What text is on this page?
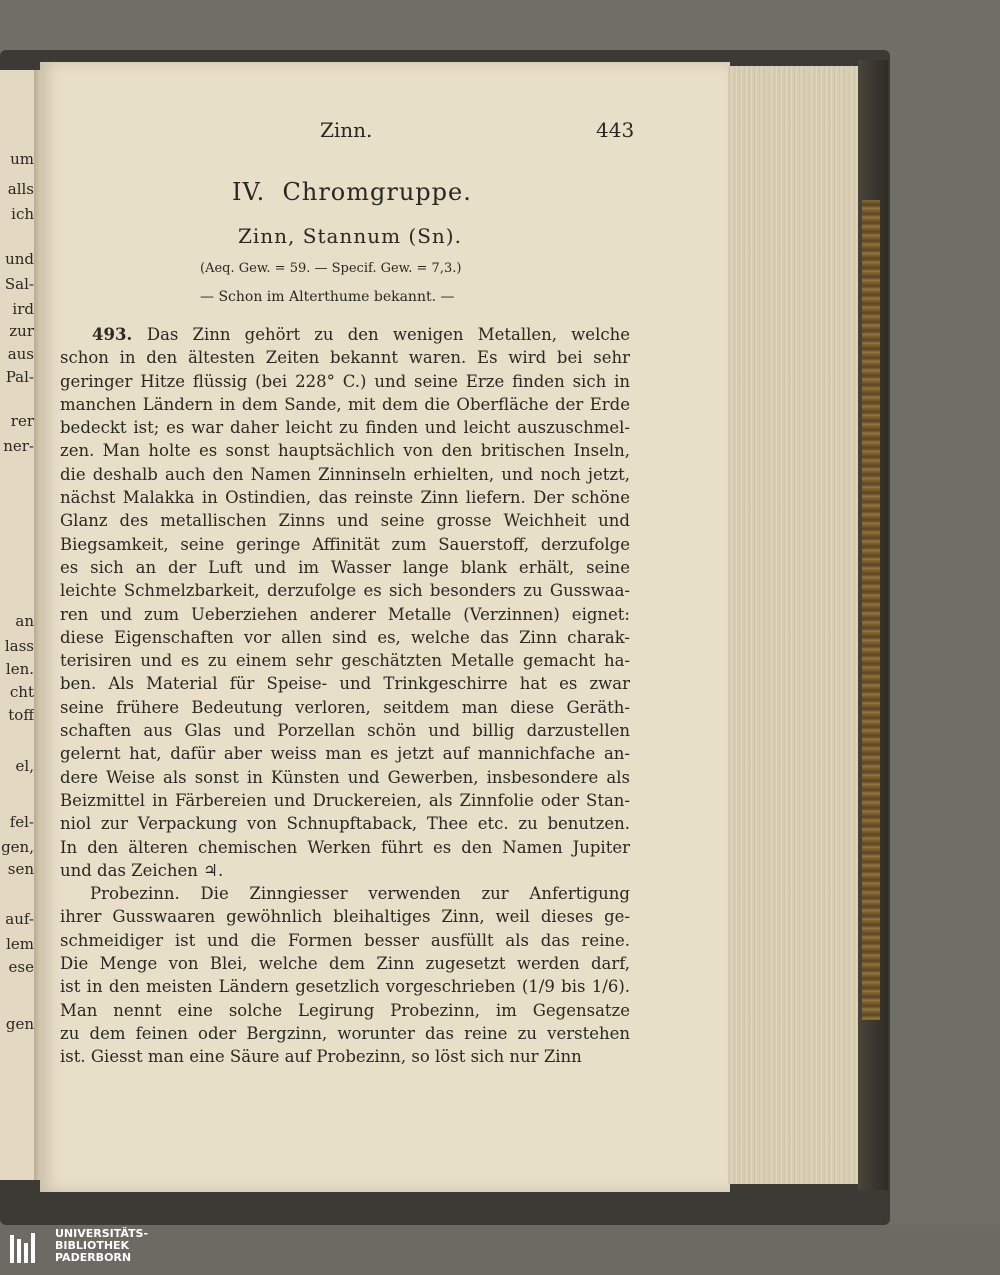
um
alls
ich
und
Sal-
ird
zur
aus
Pal-
rer
ner-
an
lass
len.
cht
toff
el,
fel-
gen,
sen
auf-
lem
ese
gen
Zinn.	443
IV.  Chromgruppe.
Zinn, Stannum (Sn).
(Aeq. Gew. = 59. — Specif. Gew. = 7,3.)
— Schon im Alterthume bekannt. —
493. Das Zinn gehört zu den wenigen Metallen, welche
schon in den ältesten Zeiten bekannt waren. Es wird bei sehr
geringer Hitze flüssig (bei 228° C.) und seine Erze finden sich in
manchen Ländern in dem Sande, mit dem die Oberfläche der Erde
bedeckt ist; es war daher leicht zu finden und leicht auszuschmel-
zen. Man holte es sonst hauptsächlich von den britischen Inseln,
die deshalb auch den Namen Zinninseln erhielten, und noch jetzt,
nächst Malakka in Ostindien, das reinste Zinn liefern. Der schöne
Glanz des metallischen Zinns und seine grosse Weichheit und
Biegsamkeit, seine geringe Affinität zum Sauerstoff, derzufolge
es sich an der Luft und im Wasser lange blank erhält, seine
leichte Schmelzbarkeit, derzufolge es sich besonders zu Gusswaa-
ren und zum Ueberziehen anderer Metalle (Verzinnen) eignet:
diese Eigenschaften vor allen sind es, welche das Zinn charak-
terisiren und es zu einem sehr geschätzten Metalle gemacht ha-
ben. Als Material für Speise- und Trinkgeschirre hat es zwar
seine frühere Bedeutung verloren, seitdem man diese Geräth-
schaften aus Glas und Porzellan schön und billig darzustellen
gelernt hat, dafür aber weiss man es jetzt auf mannichfache an-
dere Weise als sonst in Künsten und Gewerben, insbesondere als
Beizmittel in Färbereien und Druckereien, als Zinnfolie oder Stan-
niol zur Verpackung von Schnupftaback, Thee etc. zu benutzen.
In den älteren chemischen Werken führt es den Namen Jupiter
und das Zeichen ♃.
Probezinn. Die Zinngiesser verwenden zur Anfertigung
ihrer Gusswaaren gewöhnlich bleihaltiges Zinn, weil dieses ge-
schmeidiger ist und die Formen besser ausfüllt als das reine.
Die Menge von Blei, welche dem Zinn zugesetzt werden darf,
ist in den meisten Ländern gesetzlich vorgeschrieben (1/9 bis 1/6).
Man nennt eine solche Legirung Probezinn, im Gegensatze
zu dem feinen oder Bergzinn, worunter das reine zu verstehen
ist. Giesst man eine Säure auf Probezinn, so löst sich nur Zinn
UNIVERSITÄTS-
BIBLIOTHEK
PADERBORN
